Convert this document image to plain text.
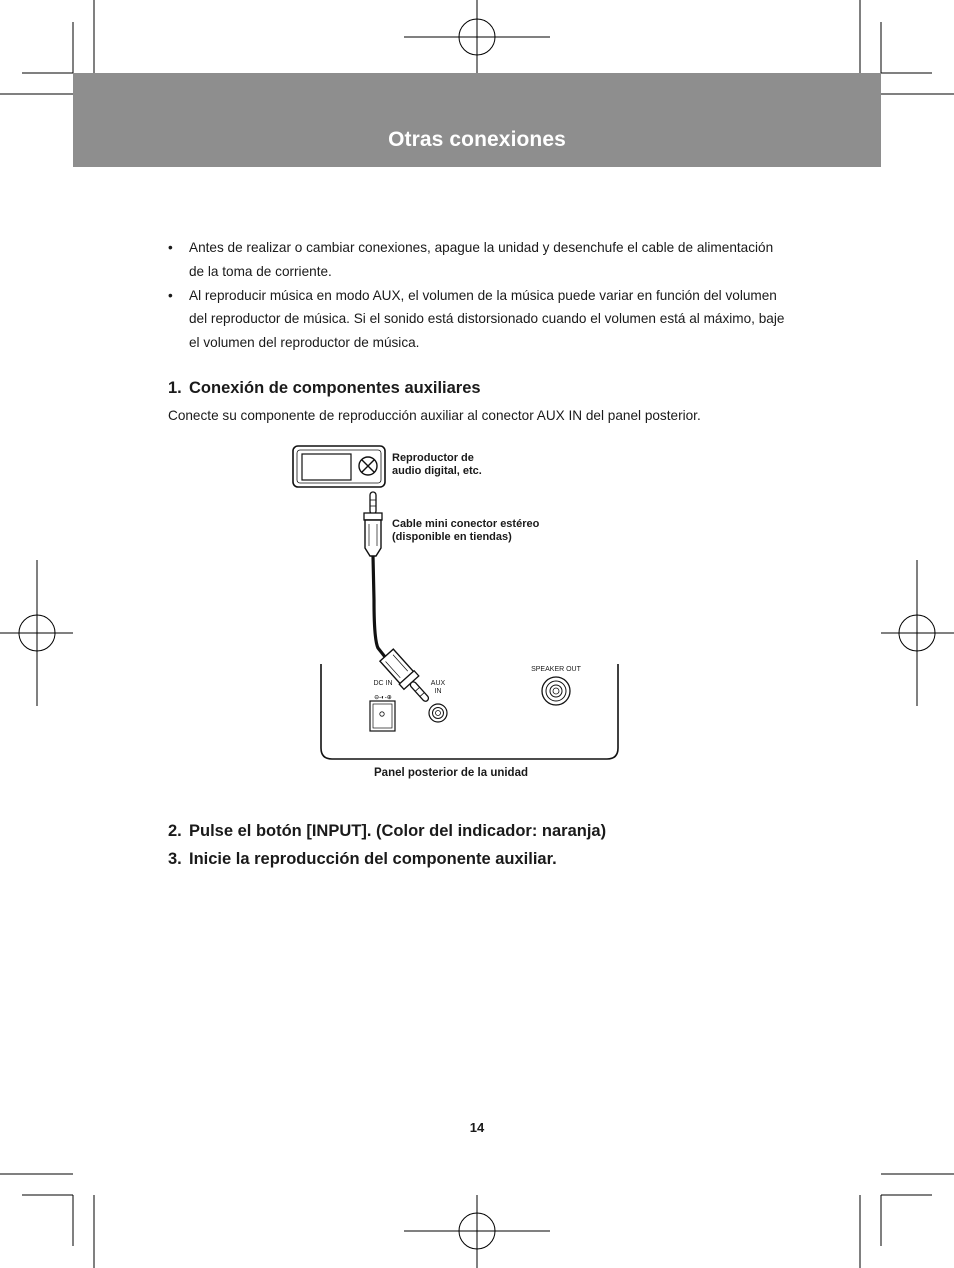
Otras conexiones
• Antes de realizar o cambiar conexiones, apague la unidad y desenchufe el cable de alimentación de la toma de corriente.
• Al reproducir música en modo AUX, el volumen de la música puede variar en función del volumen del reproductor de música. Si el sonido está distorsionado cuando el volumen está al máximo, baje el volumen del reproductor de música.
1. Conexión de componentes auxiliares
Conecte su componente de reproducción auxiliar al conector AUX IN del panel posterior.
⊖-◐-⊕
Reproductor de
audio digital, etc.
Cable mini conector estéreo
(disponible en tiendas)
DC IN	AUX
IN
SPEAKER OUT
Panel posterior de la unidad
2. Pulse el botón [INPUT]. (Color del indicador: naranja)
3. Inicie la reproducción del componente auxiliar.
14
